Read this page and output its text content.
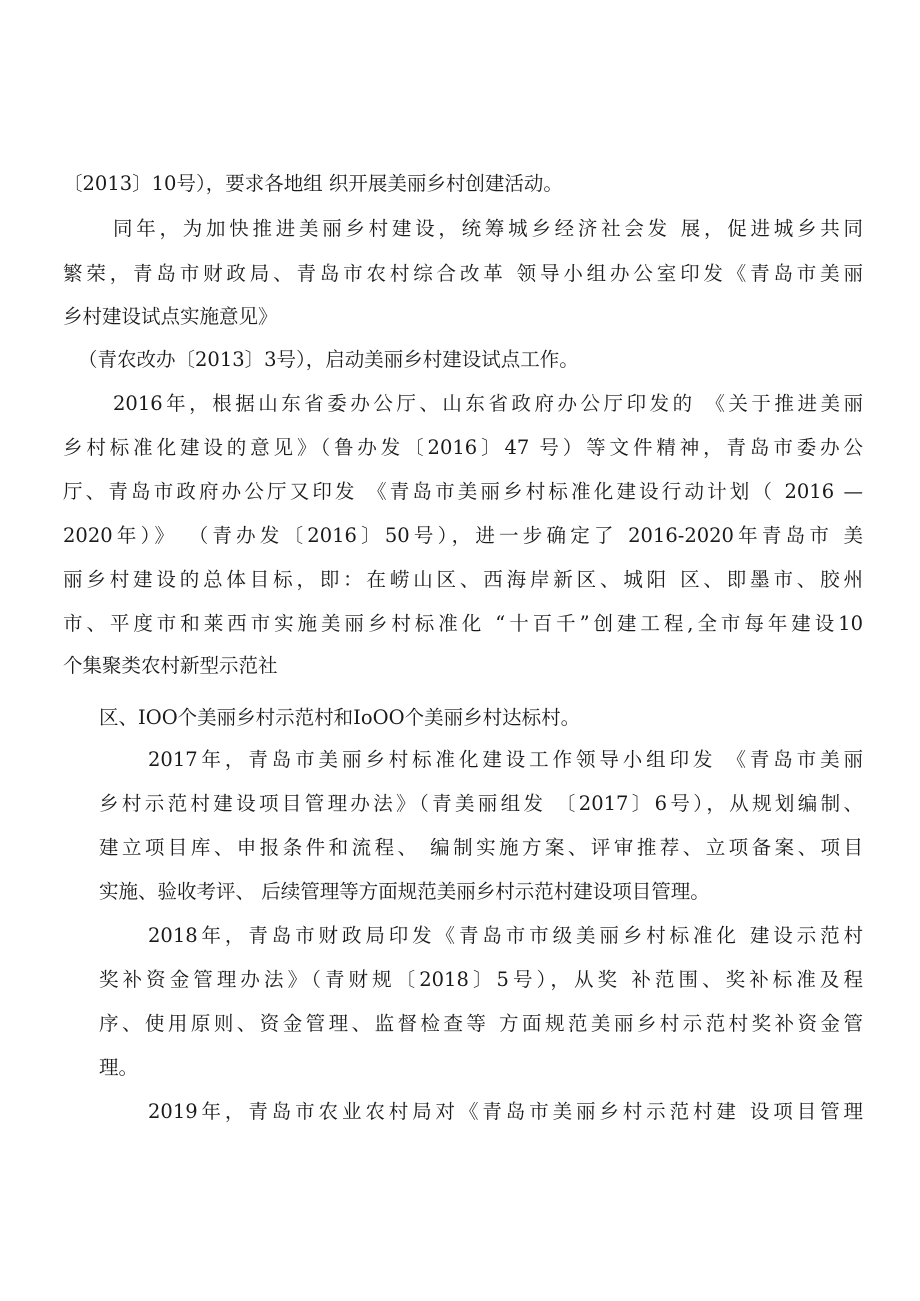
〔2013〕10号），要求各地组 织开展美丽乡村创建活动。
同年，为加快推进美丽乡村建设，统筹城乡经济社会发 展，促进城乡共同
繁荣，青岛市财政局、青岛市农村综合改革 领导小组办公室印发《青岛市美丽
乡村建设试点实施意见》
（青农改办〔2013〕3号），启动美丽乡村建设试点工作。
2016年，根据山东省委办公厅、山东省政府办公厅印发的 《关于推进美丽
乡村标准化建设的意见》（鲁办发〔2016〕47 号）等文件精神，青岛市委办公
厅、青岛市政府办公厅又印发 《青岛市美丽乡村标准化建设行动计划（ 2016 —
2020年）》 （青办发〔2016〕50号），进一步确定了 2016-2020年青岛市 美
丽乡村建设的总体目标，即：在崂山区、西海岸新区、城阳 区、即墨市、胶州
市、平度市和莱西市实施美丽乡村标准化 “十百千”创建工程,全市每年建设10
个集聚类农村新型示范社
区、IOO个美丽乡村示范村和IoOO个美丽乡村达标村。
2017年，青岛市美丽乡村标准化建设工作领导小组印发 《青岛市美丽
乡村示范村建设项目管理办法》（青美丽组发 〔2017〕6号），从规划编制、
建立项目库、申报条件和流程、 编制实施方案、评审推荐、立项备案、项目
实施、验收考评、 后续管理等方面规范美丽乡村示范村建设项目管理。
2018年，青岛市财政局印发《青岛市市级美丽乡村标准化 建设示范村
奖补资金管理办法》（青财规〔2018〕5号），从奖 补范围、奖补标准及程
序、使用原则、资金管理、监督检查等 方面规范美丽乡村示范村奖补资金管
理。
2019年，青岛市农业农村局对《青岛市美丽乡村示范村建 设项目管理
